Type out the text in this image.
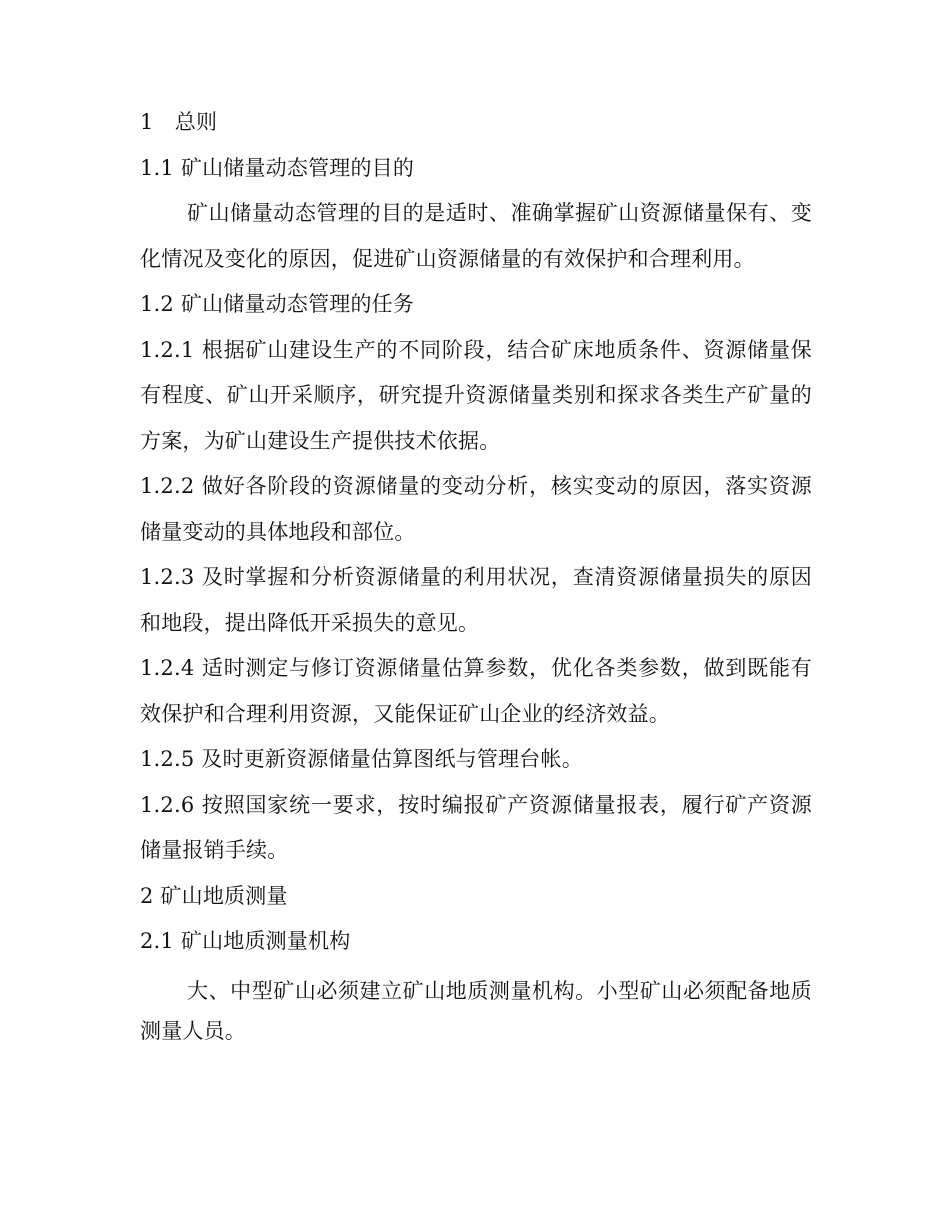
1　总则
1.1 矿山储量动态管理的目的
矿山储量动态管理的目的是适时、准确掌握矿山资源储量保有、变化情况及变化的原因，促进矿山资源储量的有效保护和合理利用。
1.2 矿山储量动态管理的任务
1.2.1 根据矿山建设生产的不同阶段，结合矿床地质条件、资源储量保有程度、矿山开采顺序，研究提升资源储量类别和探求各类生产矿量的方案，为矿山建设生产提供技术依据。
1.2.2 做好各阶段的资源储量的变动分析，核实变动的原因，落实资源储量变动的具体地段和部位。
1.2.3 及时掌握和分析资源储量的利用状况，查清资源储量损失的原因和地段，提出降低开采损失的意见。
1.2.4 适时测定与修订资源储量估算参数，优化各类参数，做到既能有效保护和合理利用资源，又能保证矿山企业的经济效益。
1.2.5 及时更新资源储量估算图纸与管理台帐。
1.2.6 按照国家统一要求，按时编报矿产资源储量报表，履行矿产资源储量报销手续。
2 矿山地质测量
2.1 矿山地质测量机构
大、中型矿山必须建立矿山地质测量机构。小型矿山必须配备地质测量人员。
